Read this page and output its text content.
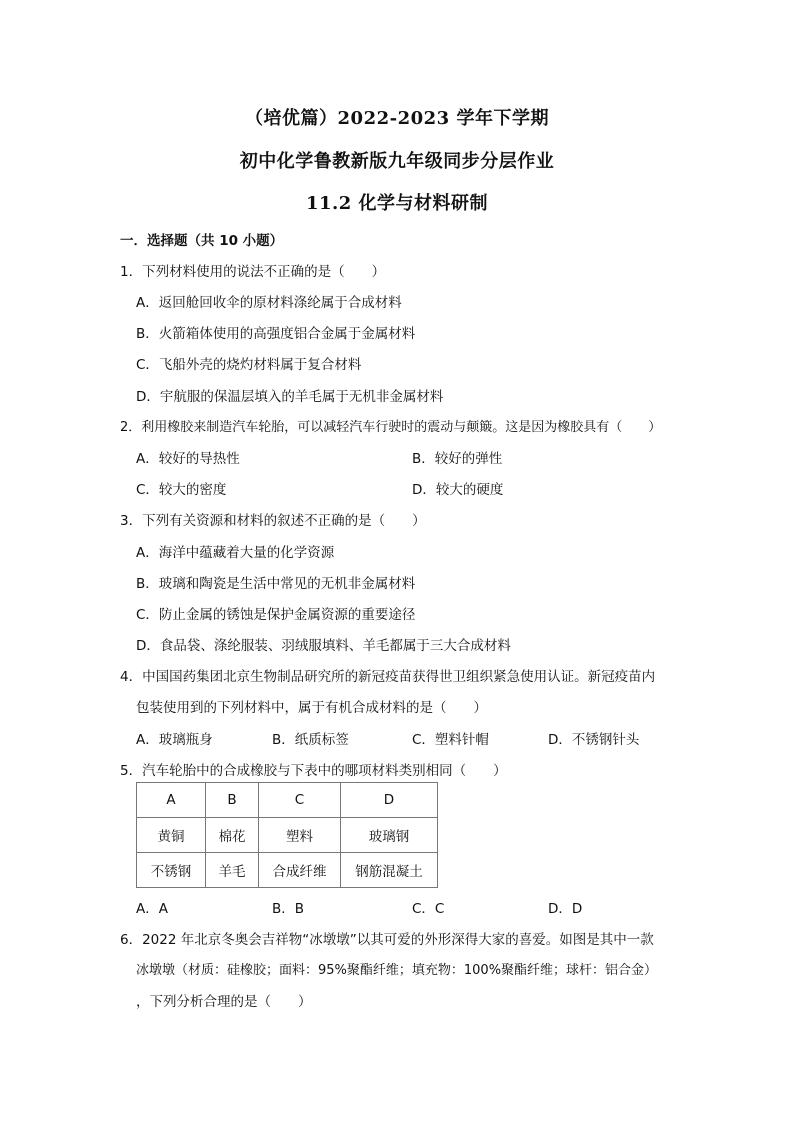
（培优篇）2022-2023 学年下学期
初中化学鲁教新版九年级同步分层作业
11.2 化学与材料研制
一．选择题（共 10 小题）
1．下列材料使用的说法不正确的是（　　）
A．返回舱回收伞的原材料涤纶属于合成材料
B．火箭箱体使用的高强度铝合金属于金属材料
C．飞船外壳的烧灼材料属于复合材料
D．宇航服的保温层填入的羊毛属于无机非金属材料
2．利用橡胶来制造汽车轮胎，可以减轻汽车行驶时的震动与颠簸。这是因为橡胶具有（　　）
A．较好的导热性	B．较好的弹性
C．较大的密度	D．较大的硬度
3．下列有关资源和材料的叙述不正确的是（　　）
A．海洋中蕴藏着大量的化学资源
B．玻璃和陶瓷是生活中常见的无机非金属材料
C．防止金属的锈蚀是保护金属资源的重要途径
D．食品袋、涤纶服装、羽绒服填料、羊毛都属于三大合成材料
4．中国国药集团北京生物制品研究所的新冠疫苗获得世卫组织紧急使用认证。新冠疫苗内
包装使用到的下列材料中，属于有机合成材料的是（　　）
A．玻璃瓶身	B．纸质标签	C．塑料针帽	D．不锈钢针头
5．汽车轮胎中的合成橡胶与下表中的哪项材料类别相同（　　）
A	B	C	D
黄铜	棉花	塑料	玻璃钢
不锈钢	羊毛	合成纤维	钢筋混凝土
A．A	B．B	C．C	D．D
6．2022 年北京冬奥会吉祥物“冰墩墩”以其可爱的外形深得大家的喜爱。如图是其中一款
冰墩墩（材质：硅橡胶；面料：95%聚酯纤维；填充物：100%聚酯纤维；球杆：铝合金）
，下列分析合理的是（　　）
